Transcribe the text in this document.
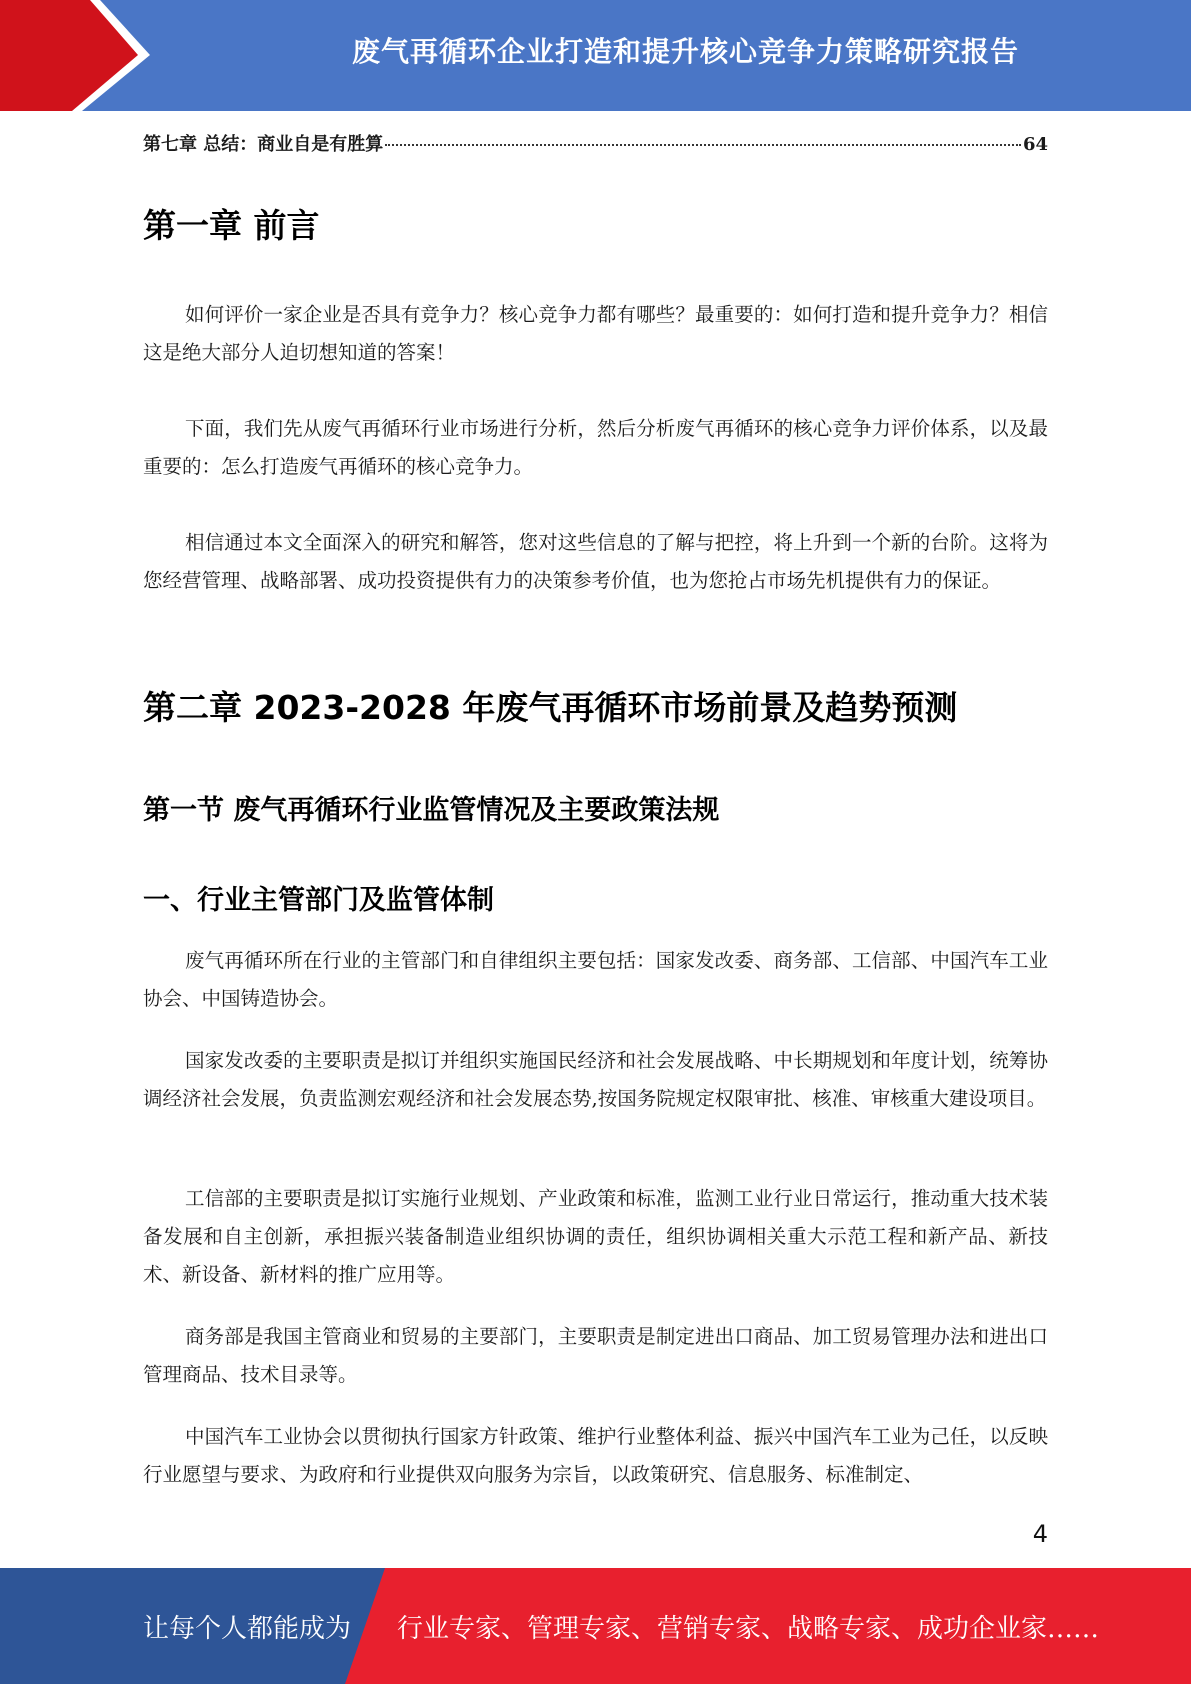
废气再循环企业打造和提升核心竞争力策略研究报告
第七章 总结：商业自是有胜算	64
第一章 前言

如何评价一家企业是否具有竞争力？核心竞争力都有哪些？最重要的：如何打造和提升竞争力？相信这是绝大部分人迫切想知道的答案！

下面，我们先从废气再循环行业市场进行分析，然后分析废气再循环的核心竞争力评价体系，以及最重要的：怎么打造废气再循环的核心竞争力。

相信通过本文全面深入的研究和解答，您对这些信息的了解与把控，将上升到一个新的台阶。这将为您经营管理、战略部署、成功投资提供有力的决策参考价值，也为您抢占市场先机提供有力的保证。

第二章 2023-2028 年废气再循环市场前景及趋势预测
第一节 废气再循环行业监管情况及主要政策法规
一、行业主管部门及监管体制

废气再循环所在行业的主管部门和自律组织主要包括：国家发改委、商务部、工信部、中国汽车工业协会、中国铸造协会。

国家发改委的主要职责是拟订并组织实施国民经济和社会发展战略、中长期规划和年度计划，统筹协调经济社会发展，负责监测宏观经济和社会发展态势,按国务院规定权限审批、核准、审核重大建设项目。

工信部的主要职责是拟订实施行业规划、产业政策和标准，监测工业行业日常运行，推动重大技术装备发展和自主创新，承担振兴装备制造业组织协调的责任，组织协调相关重大示范工程和新产品、新技术、新设备、新材料的推广应用等。

商务部是我国主管商业和贸易的主要部门，主要职责是制定进出口商品、加工贸易管理办法和进出口管理商品、技术目录等。

中国汽车工业协会以贯彻执行国家方针政策、维护行业整体利益、振兴中国汽车工业为己任，以反映行业愿望与要求、为政府和行业提供双向服务为宗旨，以政策研究、信息服务、标准制定、

4
让每个人都能成为 行业专家、管理专家、营销专家、战略专家、成功企业家……
